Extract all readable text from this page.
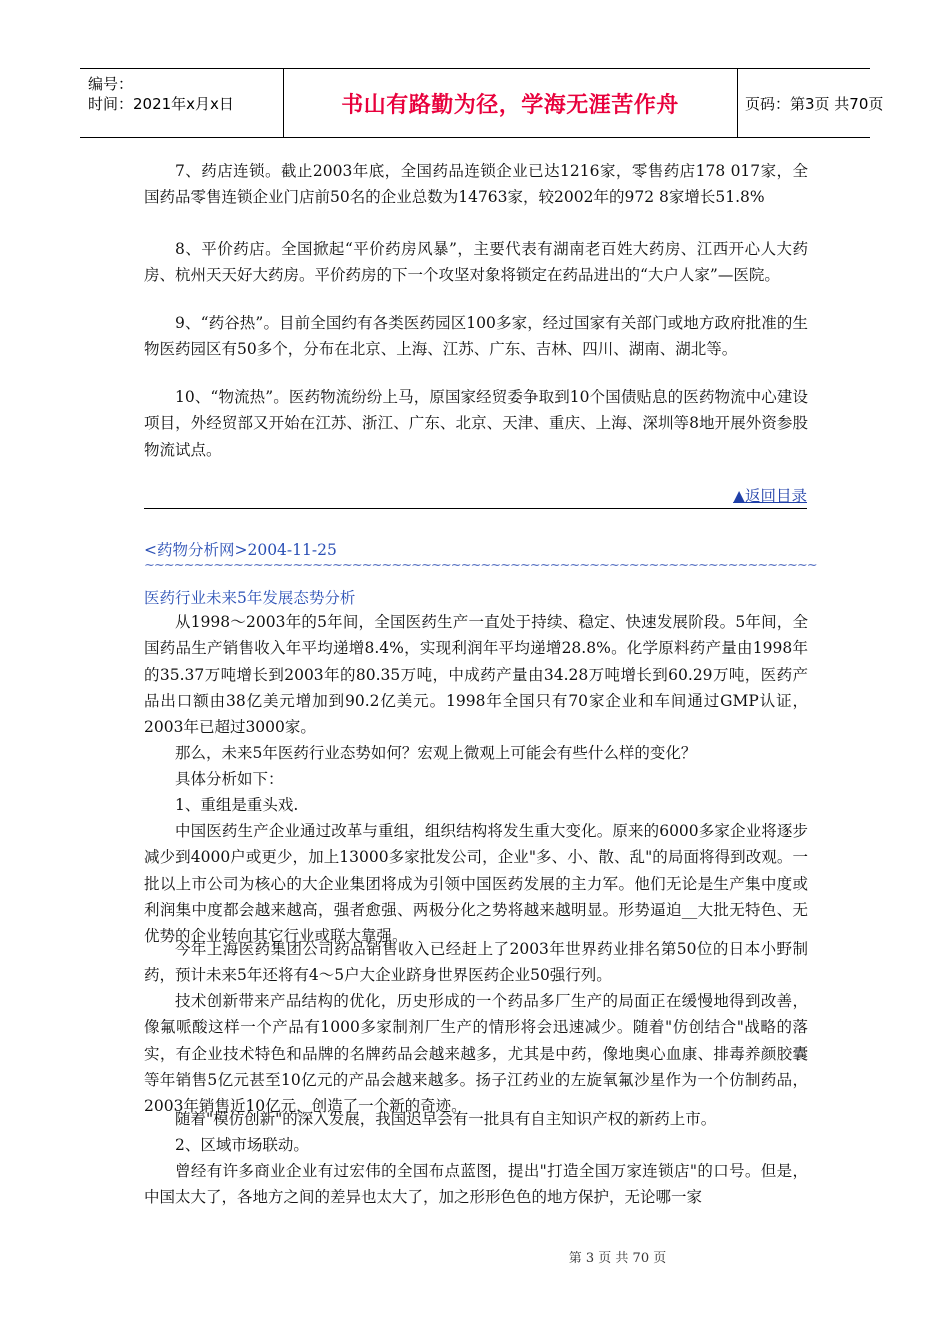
编号：
时间：2021年x月x日	书山有路勤为径，学海无涯苦作舟	页码：第3页 共70页

7、药店连锁。截止2003年底，全国药品连锁企业已达1216家，零售药店178 017家，全国药品零售连锁企业门店前50名的企业总数为14763家，较2002年的972 8家增长51.8%

8、平价药店。全国掀起“平价药房风暴”，主要代表有湖南老百姓大药房、江西开心人大药房、杭州天天好大药房。平价药房的下一个攻坚对象将锁定在药品进出的“大户人家”—医院。

9、“药谷热”。目前全国约有各类医药园区100多家，经过国家有关部门或地方政府批准的生物医药园区有50多个，分布在北京、上海、江苏、广东、吉林、四川、湖南、湖北等。

10、“物流热”。医药物流纷纷上马，原国家经贸委争取到10个国债贴息的医药物流中心建设项目，外经贸部又开始在江苏、浙江、广东、北京、天津、重庆、上海、深圳等8地开展外资参股物流试点。

▲返回目录
<药物分析网>2004-11-25
~~~~~~~~~~~~~~~~~~~~~~~~~~~~~~~~~~~~~~~~~~~~~~~~~~~~~~~~~~~~~~~~~~~~
医药行业未来5年发展态势分析

从1998～2003年的5年间，全国医药生产一直处于持续、稳定、快速发展阶段。5年间，全国药品生产销售收入年平均递增8.4%，实现利润年平均递增28.8%。化学原料药产量由1998年的35.37万吨增长到2003年的80.35万吨，中成药产量由34.28万吨增长到60.29万吨，医药产品出口额由38亿美元增加到90.2亿美元。1998年全国只有70家企业和车间通过GMP认证，2003年已超过3000家。

那么，未来5年医药行业态势如何？宏观上微观上可能会有些什么样的变化？

具体分析如下：

1、重组是重头戏.

中国医药生产企业通过改革与重组，组织结构将发生重大变化。原来的6000多家企业将逐步减少到4000户或更少，加上13000多家批发公司，企业"多、小、散、乱"的局面将得到改观。一批以上市公司为核心的大企业集团将成为引领中国医药发展的主力军。他们无论是生产集中度或利润集中度都会越来越高，强者愈强、两极分化之势将越来越明显。形势逼迫__大批无特色、无优势的企业转向其它行业或联大靠强。

今年上海医药集团公司药品销售收入已经赶上了2003年世界药业排名第50位的日本小野制药，预计未来5年还将有4～5户大企业跻身世界医药企业50强行列。

技术创新带来产品结构的优化，历史形成的一个药品多厂生产的局面正在缓慢地得到改善，像氟哌酸这样一个产品有1000多家制剂厂生产的情形将会迅速减少。随着"仿创结合"战略的落实，有企业技术特色和品牌的名牌药品会越来越多，尤其是中药，像地奥心血康、排毒养颜胶囊等年销售5亿元甚至10亿元的产品会越来越多。扬子江药业的左旋氧氟沙星作为一个仿制药品，2003年销售近10亿元，创造了一个新的奇迹。

随着"模仿创新"的深入发展，我国迟早会有一批具有自主知识产权的新药上市。

2、区域市场联动。

曾经有许多商业企业有过宏伟的全国布点蓝图，提出"打造全国万家连锁店"的口号。但是，中国太大了，各地方之间的差异也太大了，加之形形色色的地方保护，无论哪一家

第 3 页 共 70 页
